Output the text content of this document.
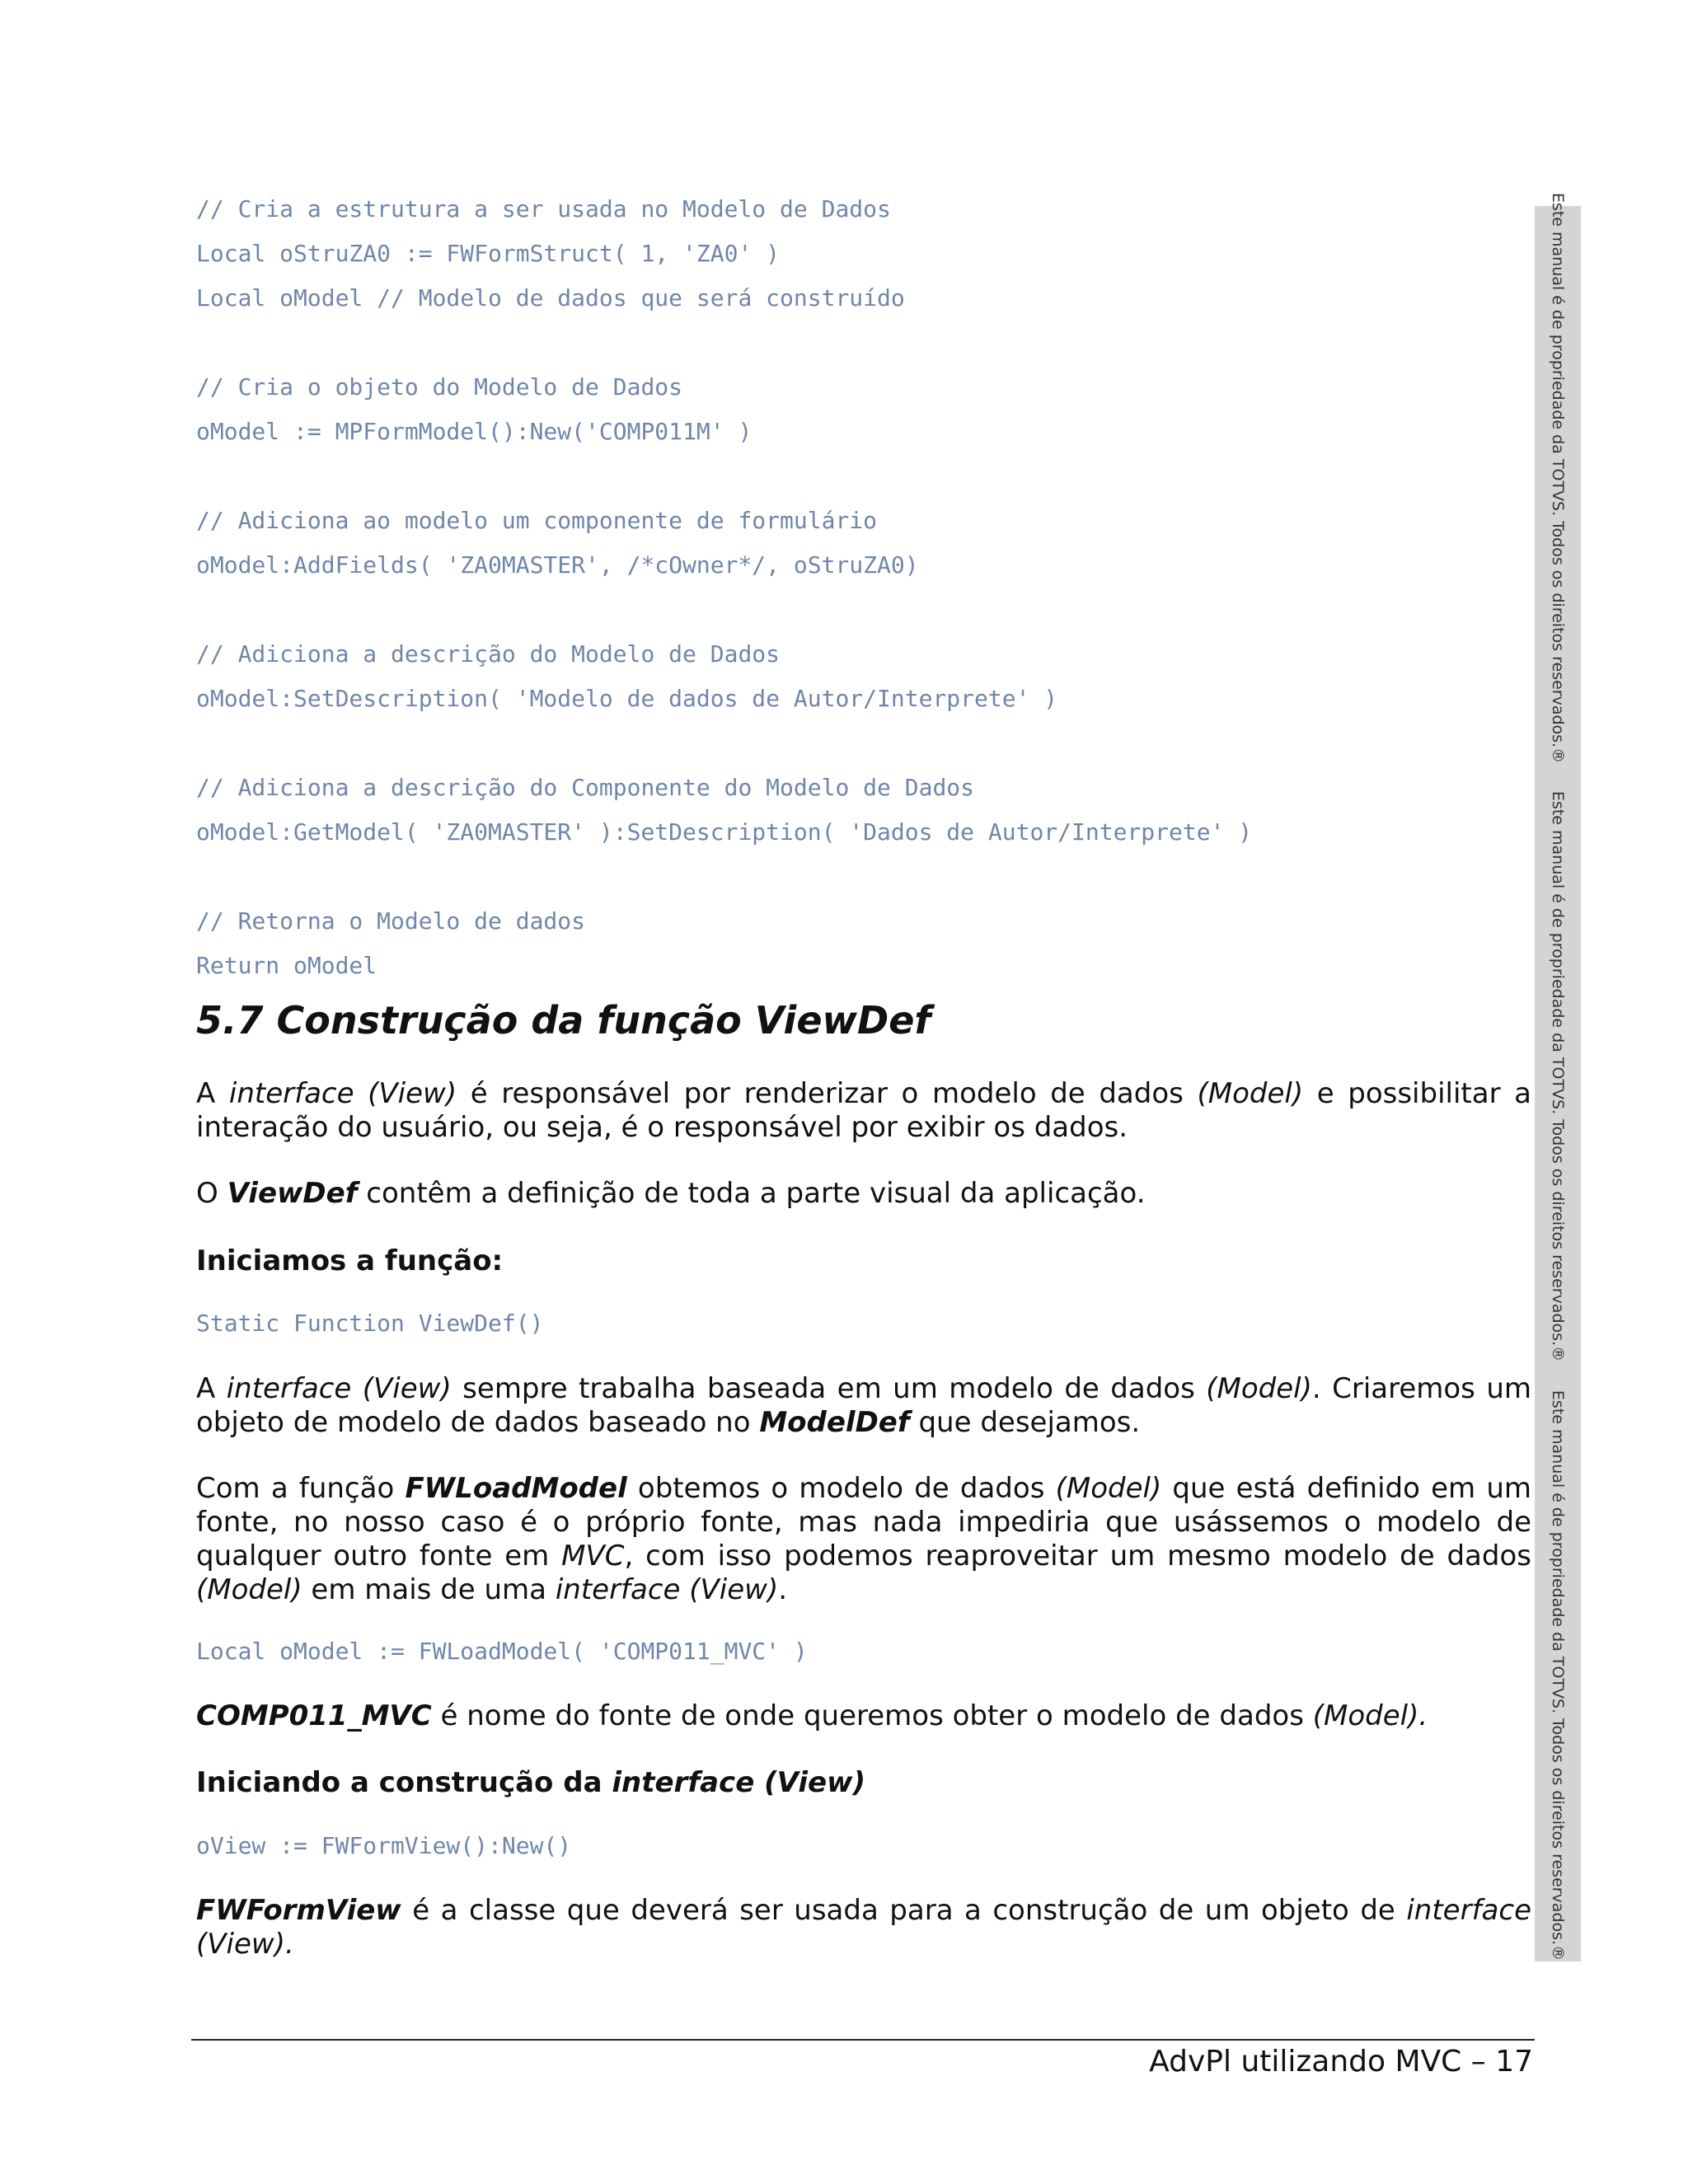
Este manual é de propriedade da TOTVS. Todos os direitos reservados.®
Este manual é de propriedade da TOTVS. Todos os direitos reservados.®
Este manual é de propriedade da TOTVS. Todos os direitos reservados.®
// Cria a estrutura a ser usada no Modelo de Dados
Local oStruZA0 := FWFormStruct( 1, 'ZA0' )
Local oModel // Modelo de dados que será construído
// Cria o objeto do Modelo de Dados
oModel := MPFormModel():New('COMP011M' )
// Adiciona ao modelo um componente de formulário
oModel:AddFields( 'ZA0MASTER', /*cOwner*/, oStruZA0)
// Adiciona a descrição do Modelo de Dados
oModel:SetDescription( 'Modelo de dados de Autor/Interprete' )
// Adiciona a descrição do Componente do Modelo de Dados
oModel:GetModel( 'ZA0MASTER' ):SetDescription( 'Dados de Autor/Interprete' )
// Retorna o Modelo de dados
Return oModel
5.7 Construção da função ViewDef

A interface (View) é responsável por renderizar o modelo de dados (Model) e possibilitar a
interação do usuário, ou seja, é o responsável por exibir os dados.

O ViewDef contêm a definição de toda a parte visual da aplicação.

Iniciamos a função:

Static Function ViewDef()

A interface (View) sempre trabalha baseada em um modelo de dados (Model). Criaremos um objeto de modelo de dados baseado no ModelDef que desejamos.

Com a função FWLoadModel obtemos o modelo de dados (Model) que está definido em um fonte, no nosso caso é o próprio fonte, mas nada impediria que usássemos o modelo de qualquer outro fonte em MVC, com isso podemos reaproveitar um mesmo modelo de dados (Model) em mais de uma interface (View).

Local oModel := FWLoadModel( 'COMP011_MVC' )

COMP011_MVC é nome do fonte de onde queremos obter o modelo de dados (Model).

Iniciando a construção da interface (View)

oView := FWFormView():New()

FWFormView é a classe que deverá ser usada para a construção de um objeto de interface
(View).

AdvPl utilizando MVC – 17
